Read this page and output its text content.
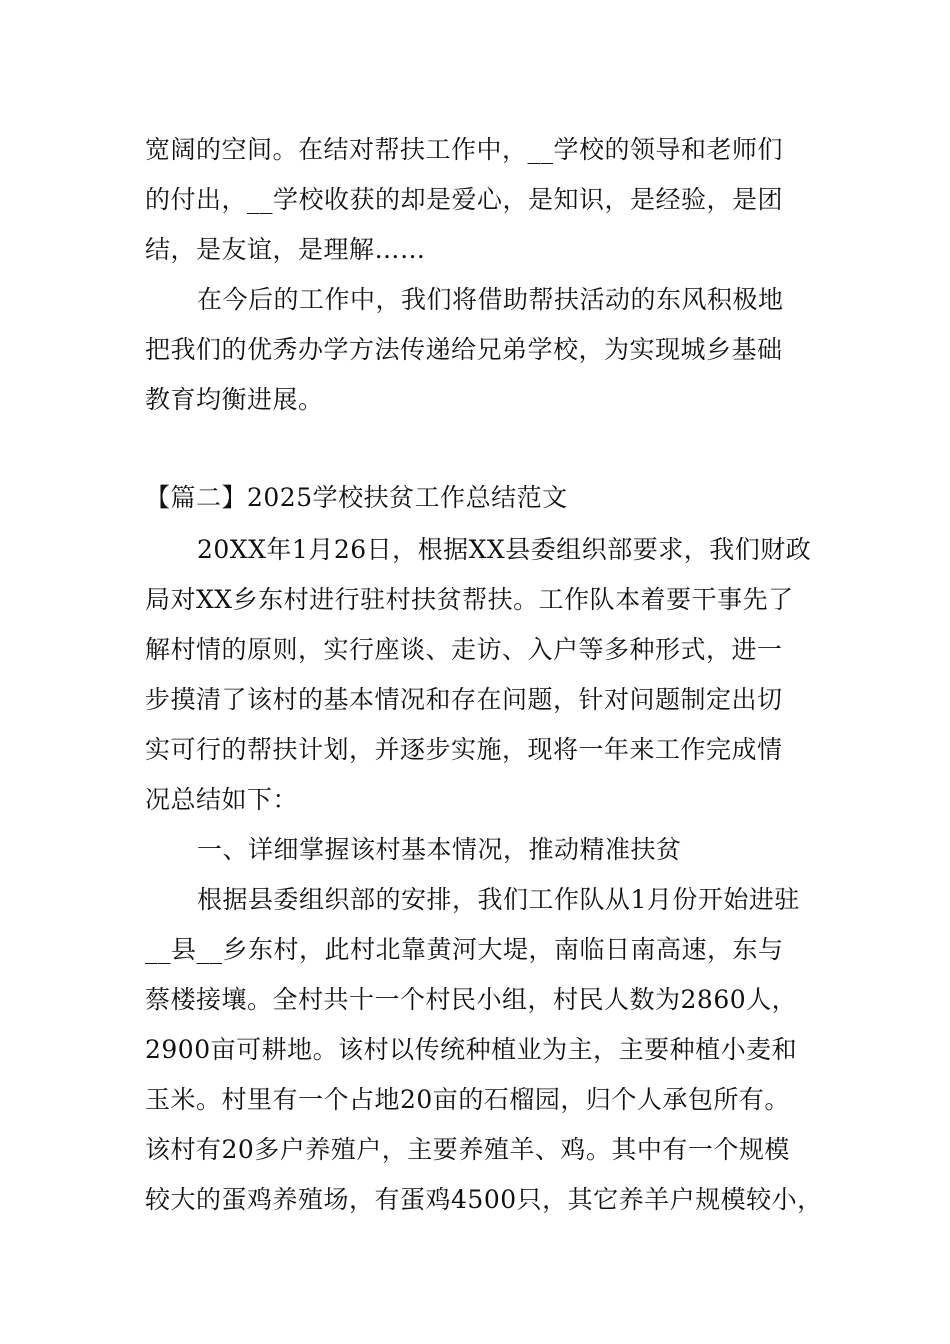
宽阔的空间。在结对帮扶工作中，__学校的领导和老师们
的付出，__学校收获的却是爱心，是知识，是经验，是团
结，是友谊，是理解……
在今后的工作中，我们将借助帮扶活动的东风积极地
把我们的优秀办学方法传递给兄弟学校，为实现城乡基础
教育均衡进展。
【篇二】2025学校扶贫工作总结范文
20XX年1月26日，根据XX县委组织部要求，我们财政
局对XX乡东村进行驻村扶贫帮扶。工作队本着要干事先了
解村情的原则，实行座谈、走访、入户等多种形式，进一
步摸清了该村的基本情况和存在问题，针对问题制定出切
实可行的帮扶计划，并逐步实施，现将一年来工作完成情
况总结如下：
一、详细掌握该村基本情况，推动精准扶贫
根据县委组织部的安排，我们工作队从1月份开始进驻
__县__乡东村，此村北靠黄河大堤，南临日南高速，东与
蔡楼接壤。全村共十一个村民小组，村民人数为2860人，
2900亩可耕地。该村以传统种植业为主，主要种植小麦和
玉米。村里有一个占地20亩的石榴园，归个人承包所有。
该村有20多户养殖户，主要养殖羊、鸡。其中有一个规模
较大的蛋鸡养殖场，有蛋鸡4500只，其它养羊户规模较小，
